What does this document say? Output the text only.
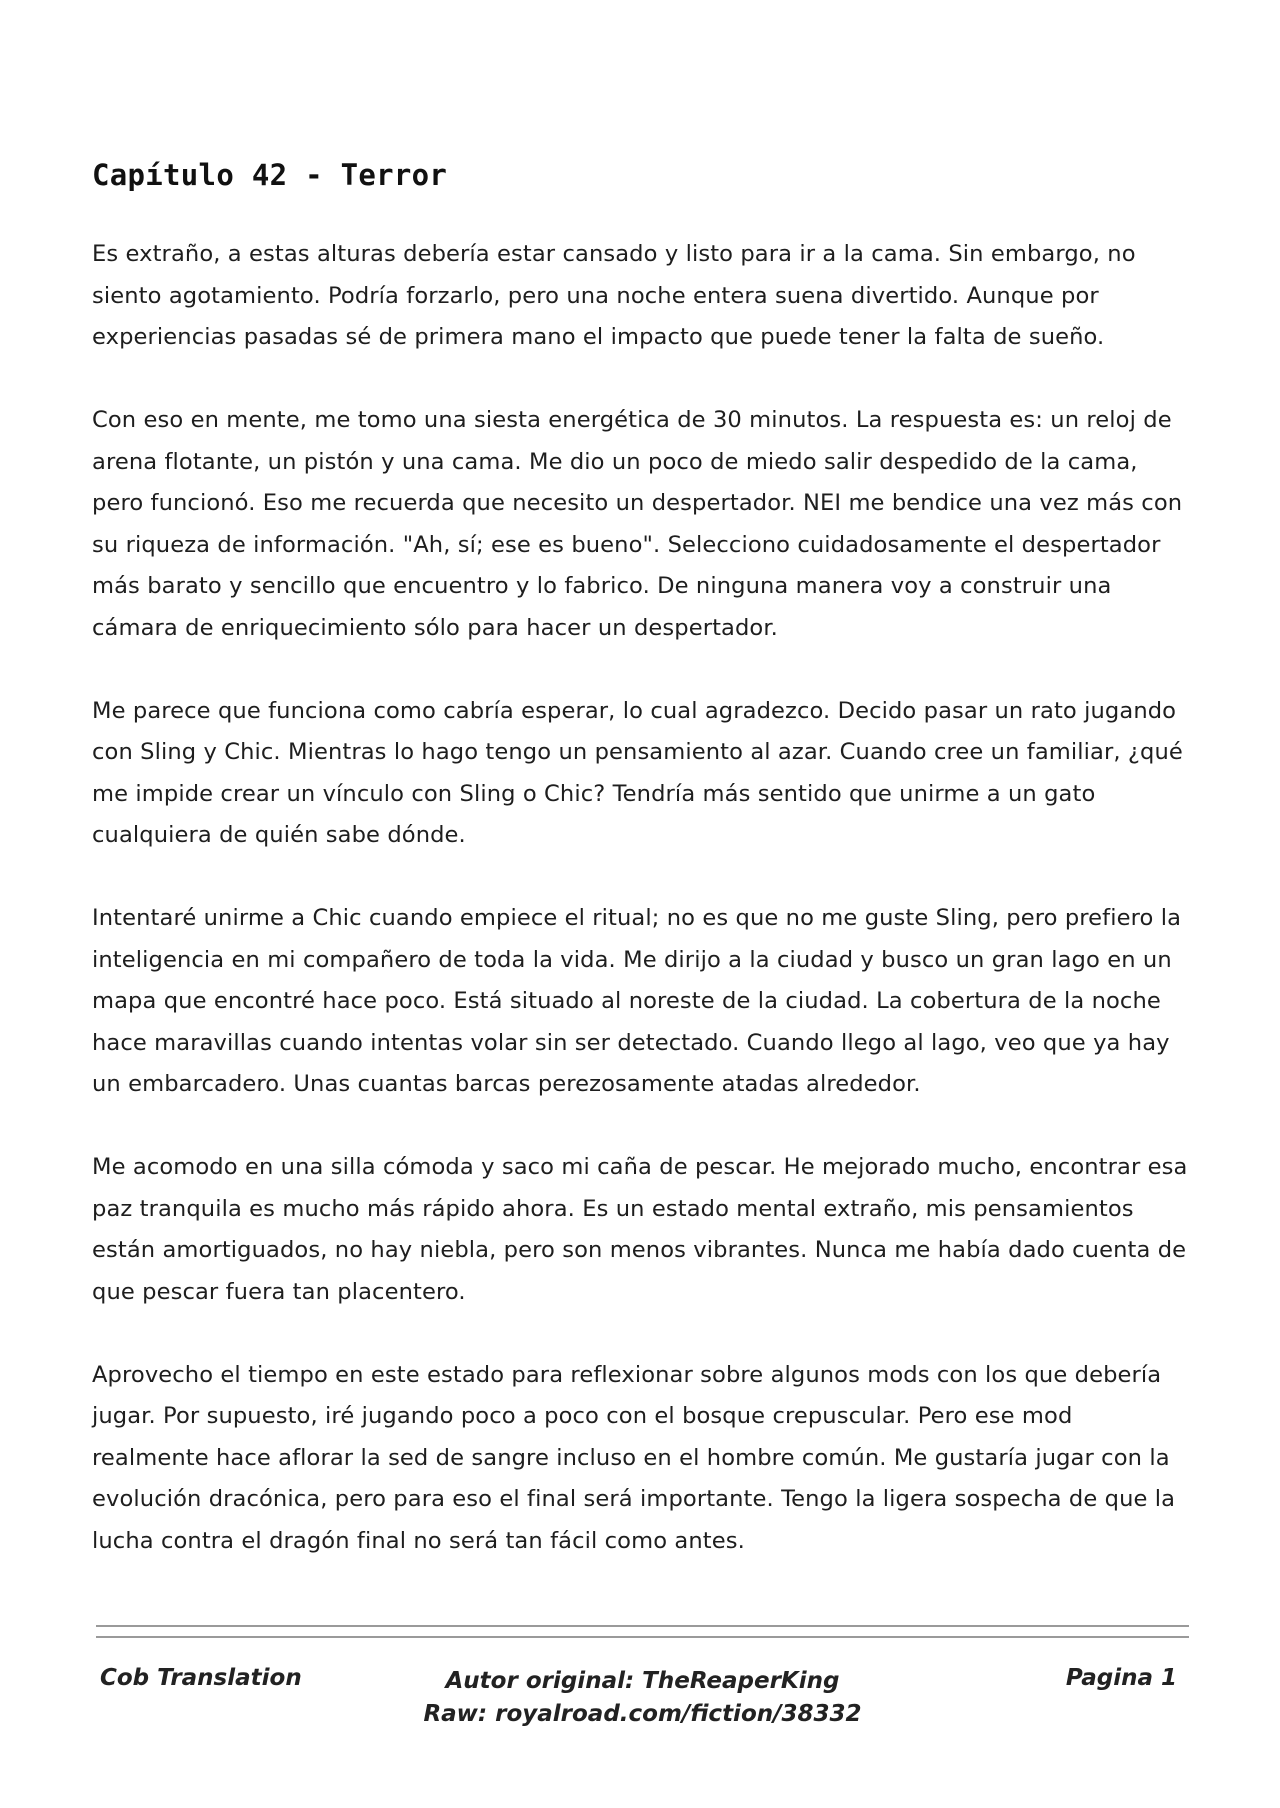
Capítulo 42 - Terror

Es extraño, a estas alturas debería estar cansado y listo para ir a la cama. Sin embargo, no siento agotamiento. Podría forzarlo, pero una noche entera suena divertido. Aunque por experiencias pasadas sé de primera mano el impacto que puede tener la falta de sueño.

Con eso en mente, me tomo una siesta energética de 30 minutos. La respuesta es: un reloj de arena flotante, un pistón y una cama. Me dio un poco de miedo salir despedido de la cama, pero funcionó. Eso me recuerda que necesito un despertador. NEI me bendice una vez más con su riqueza de información. "Ah, sí; ese es bueno". Selecciono cuidadosamente el despertador más barato y sencillo que encuentro y lo fabrico. De ninguna manera voy a construir una cámara de enriquecimiento sólo para hacer un despertador.

Me parece que funciona como cabría esperar, lo cual agradezco. Decido pasar un rato jugando con Sling y Chic. Mientras lo hago tengo un pensamiento al azar. Cuando cree un familiar, ¿qué me impide crear un vínculo con Sling o Chic? Tendría más sentido que unirme a un gato cualquiera de quién sabe dónde.

Intentaré unirme a Chic cuando empiece el ritual; no es que no me guste Sling, pero prefiero la inteligencia en mi compañero de toda la vida. Me dirijo a la ciudad y busco un gran lago en un mapa que encontré hace poco. Está situado al noreste de la ciudad. La cobertura de la noche hace maravillas cuando intentas volar sin ser detectado. Cuando llego al lago, veo que ya hay un embarcadero. Unas cuantas barcas perezosamente atadas alrededor.

Me acomodo en una silla cómoda y saco mi caña de pescar. He mejorado mucho, encontrar esa paz tranquila es mucho más rápido ahora. Es un estado mental extraño, mis pensamientos están amortiguados, no hay niebla, pero son menos vibrantes. Nunca me había dado cuenta de que pescar fuera tan placentero.

Aprovecho el tiempo en este estado para reflexionar sobre algunos mods con los que debería jugar. Por supuesto, iré jugando poco a poco con el bosque crepuscular. Pero ese mod realmente hace aflorar la sed de sangre incluso en el hombre común. Me gustaría jugar con la evolución dracónica, pero para eso el final será importante. Tengo la ligera sospecha de que la lucha contra el dragón final no será tan fácil como antes.

Cob Translation	Autor original: TheReaperKing
Raw: royalroad.com/fiction/38332
Pagina 1
